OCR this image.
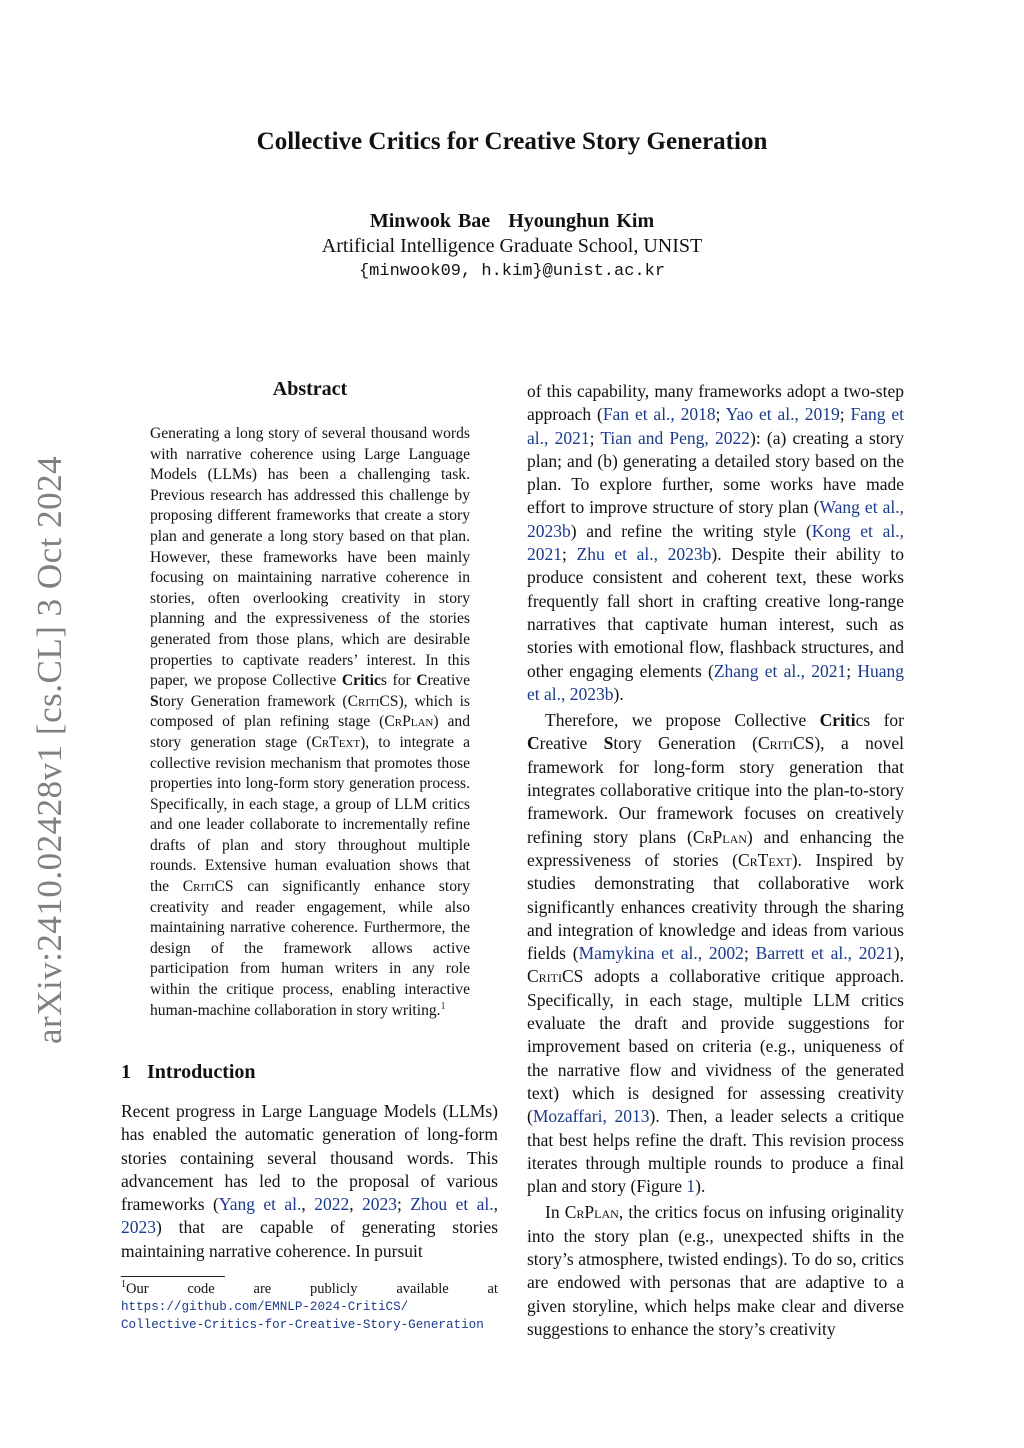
arXiv:2410.02428v1 [cs.CL] 3 Oct 2024
Collective Critics for Creative Story Generation
Minwook Bae Hyounghun Kim
Artificial Intelligence Graduate School, UNIST
{minwook09, h.kim}@unist.ac.kr
Abstract
Generating a long story of several thousand words with narrative coherence using Large Language Models (LLMs) has been a challenging task. Previous research has addressed this challenge by proposing different frameworks that create a story plan and generate a long story based on that plan. However, these frameworks have been mainly focusing on maintaining narrative coherence in stories, often overlooking creativity in story planning and the expressiveness of the stories generated from those plans, which are desirable properties to captivate readers’ interest. In this paper, we propose Collective Critics for Creative Story Generation framework (CritiCS), which is composed of plan refining stage (CrPlan) and story generation stage (CrText), to integrate a collective revision mechanism that promotes those properties into long-form story generation process. Specifically, in each stage, a group of LLM critics and one leader collaborate to incrementally refine drafts of plan and story throughout multiple rounds. Extensive human evaluation shows that the CritiCS can significantly enhance story creativity and reader engagement, while also maintaining narrative coherence. Furthermore, the design of the framework allows active participation from human writers in any role within the critique process, enabling interactive human-machine collaboration in story writing.$^1$
1 Introduction

Recent progress in Large Language Models (LLMs) has enabled the automatic generation of long-form stories containing several thousand words. This advancement has led to the proposal of various frameworks (Yang et al., 2022, 2023; Zhou et al., 2023) that are capable of generating stories maintaining narrative coherence. In pursuit

$^1$Our	code	are	publicly	available	at
https://github.com/EMNLP-2024-CritiCS/
Collective-Critics-for-Creative-Story-Generation

of this capability, many frameworks adopt a two-step approach (Fan et al., 2018; Yao et al., 2019; Fang et al., 2021; Tian and Peng, 2022): (a) creating a story plan; and (b) generating a detailed story based on the plan. To explore further, some works have made effort to improve structure of story plan (Wang et al., 2023b) and refine the writing style (Kong et al., 2021; Zhu et al., 2023b). Despite their ability to produce consistent and coherent text, these works frequently fall short in crafting creative long-range narratives that captivate human interest, such as stories with emotional flow, flashback structures, and other engaging elements (Zhang et al., 2021; Huang et al., 2023b).

Therefore, we propose Collective Critics for Creative Story Generation (CritiCS), a novel framework for long-form story generation that integrates collaborative critique into the plan-to-story framework. Our framework focuses on creatively refining story plans (CrPlan) and enhancing the expressiveness of stories (CrText). Inspired by studies demonstrating that collaborative work significantly enhances creativity through the sharing and integration of knowledge and ideas from various fields (Mamykina et al., 2002; Barrett et al., 2021), CritiCS adopts a collaborative critique approach. Specifically, in each stage, multiple LLM critics evaluate the draft and provide suggestions for improvement based on criteria (e.g., uniqueness of the narrative flow and vividness of the generated text) which is designed for assessing creativity (Mozaffari, 2013). Then, a leader selects a critique that best helps refine the draft. This revision process iterates through multiple rounds to produce a final plan and story (Figure 1).

In CrPlan, the critics focus on infusing originality into the story plan (e.g., unexpected shifts in the story’s atmosphere, twisted endings). To do so, critics are endowed with personas that are adaptive to a given storyline, which helps make clear and diverse suggestions to enhance the story’s creativity
